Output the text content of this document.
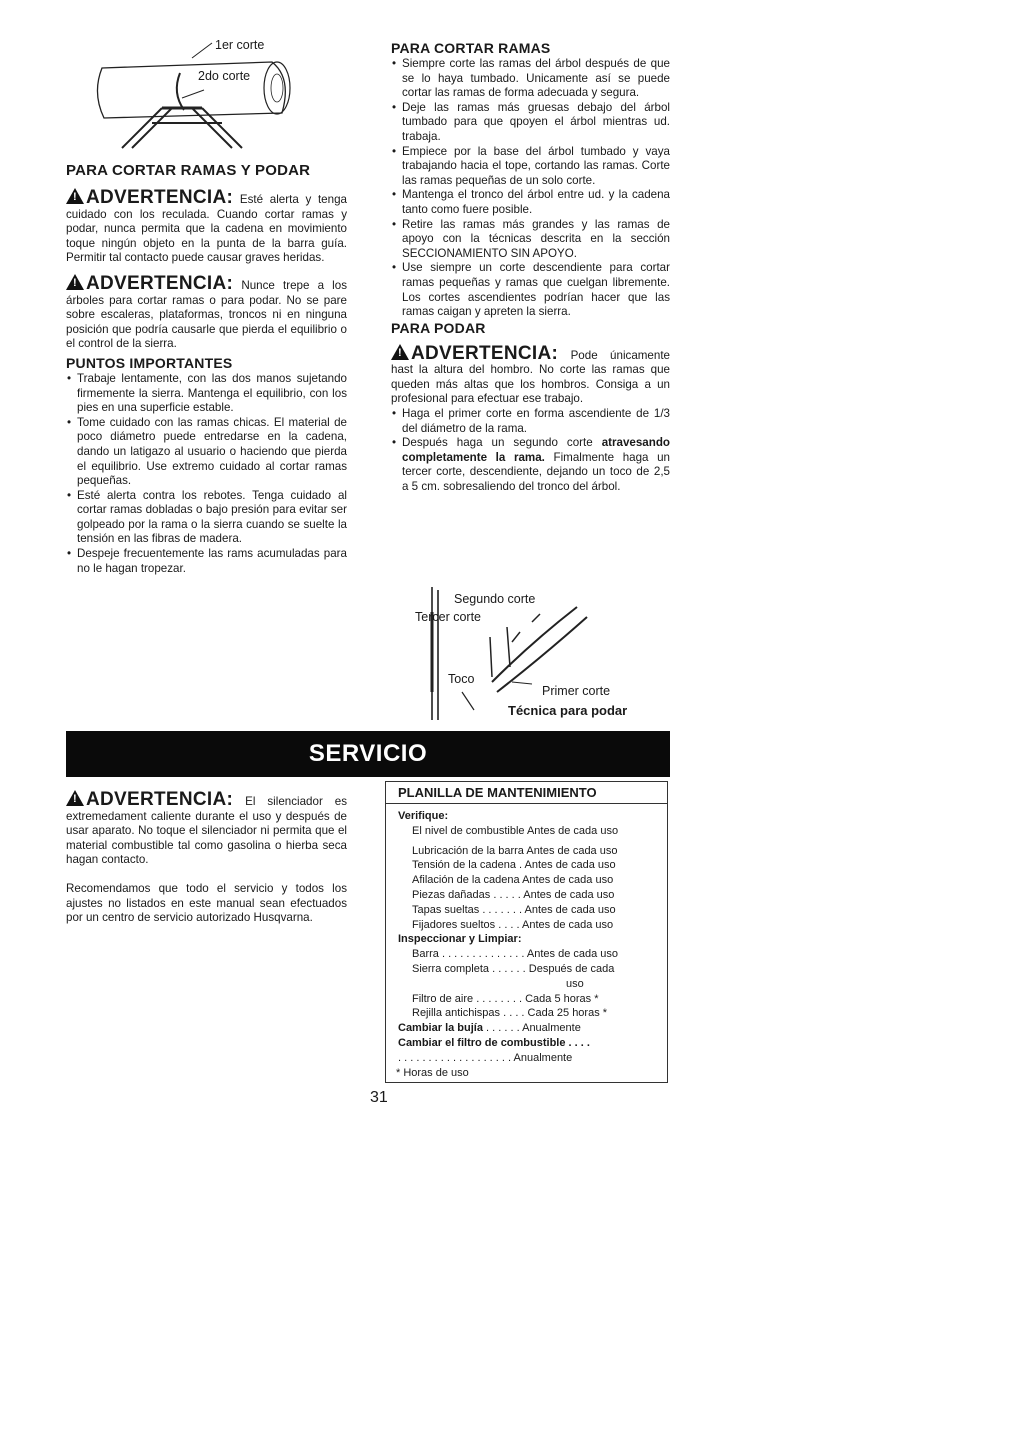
1er corte
2do corte

PARA CORTAR RAMAS Y PODAR

!ADVERTENCIA: Esté alerta y tenga cuidado con los reculada. Cuando cortar ramas y podar, nunca permita que la cadena en movimiento toque ningún objeto en la punta de la barra guía. Permitir tal contacto puede causar graves heridas.

!ADVERTENCIA: Nunce trepe a los árboles para cortar ramas o para podar. No se pare sobre escaleras, plataformas, troncos ni en ninguna posición que podría causarle que pierda el equilibrio o el control de la sierra.

PUNTOS IMPORTANTES

• Trabaje lentamente, con las dos manos sujetando firmemente la sierra. Mantenga el equilibrio, con los pies en una superficie estable.
• Tome cuidado con las ramas chicas. El material de poco diámetro puede entredarse en la cadena, dando un latigazo al usuario o haciendo que pierda el equilibrio. Use extremo cuidado al cortar ramas pequeñas.
• Esté alerta contra los rebotes. Tenga cuidado al cortar ramas dobladas o bajo presión para evitar ser golpeado por la rama o la sierra cuando se suelte la tensión en las fibras de madera.
• Despeje frecuentemente las rams acumuladas para no le hagan tropezar.

PARA CORTAR RAMAS

• Siempre corte las ramas del árbol después de que se lo haya tumbado. Unicamente así se puede cortar las ramas de forma adecuada y segura.
• Deje las ramas más gruesas debajo del árbol tumbado para que qpoyen el árbol mientras ud. trabaja.
• Empiece por la base del árbol tumbado y vaya trabajando hacia el tope, cortando las ramas. Corte las ramas pequeñas de un solo corte.
• Mantenga el tronco del árbol entre ud. y la cadena tanto como fuere posible.
• Retire las ramas más grandes y las ramas de apoyo con la técnicas descrita en la sección SECCIONAMIENTO SIN APOYO.
• Use siempre un corte descendiente para cortar ramas pequeñas y ramas que cuelgan libremente. Los cortes ascendientes podrían hacer que las ramas caigan y apreten la sierra.

PARA PODAR

!ADVERTENCIA: Pode únicamente hast la altura del hombro. No corte las ramas que queden más altas que los hombros. Consiga a un profesional para efectuar ese trabajo.

• Haga el primer corte en forma ascendiente de 1/3 del diámetro de la rama.
• Después haga un segundo corte atravesando completamente la rama. Fimalmente haga un tercer corte, descendiente, dejando un toco de 2,5 a 5 cm. sobresaliendo del tronco del árbol.
Segundo corte
Tercer corte
Toco
Primer corte
Técnica para podar
SERVICIO

!ADVERTENCIA: El silenciador es extremedament caliente durante el uso y después de usar aparato. No toque el silenciador ni permita que el material combustible tal como gasolina o hierba seca hagan contacto.

Recomendamos que todo el servicio y todos los ajustes no listados en este manual sean efectuados por un centro de servicio autorizado Husqvarna.

PLANILLA DE MANTENIMIENTO
Verifique:
El nivel de combustible Antes de cada uso
Lubricación de la barra Antes de cada uso
Tensión de la cadena . Antes de cada uso
Afilación de la cadena Antes de cada uso
Piezas dañadas . . . . . Antes de cada uso
Tapas sueltas . . . . . . . Antes de cada uso
Fijadores sueltos . . . . Antes de cada uso
Inspeccionar y Limpiar:
Barra . . . . . . . . . . . . . . Antes de cada uso
Sierra completa . . . . . . Después de cada
uso
Filtro de aire . . . . . . . . Cada 5 horas *
Rejilla antichispas . . . . Cada 25 horas *
Cambiar la bujía . . . . . . Anualmente
Cambiar el filtro de combustible . . . .
. . . . . . . . . . . . . . . . . . . Anualmente
* Horas de uso
31
